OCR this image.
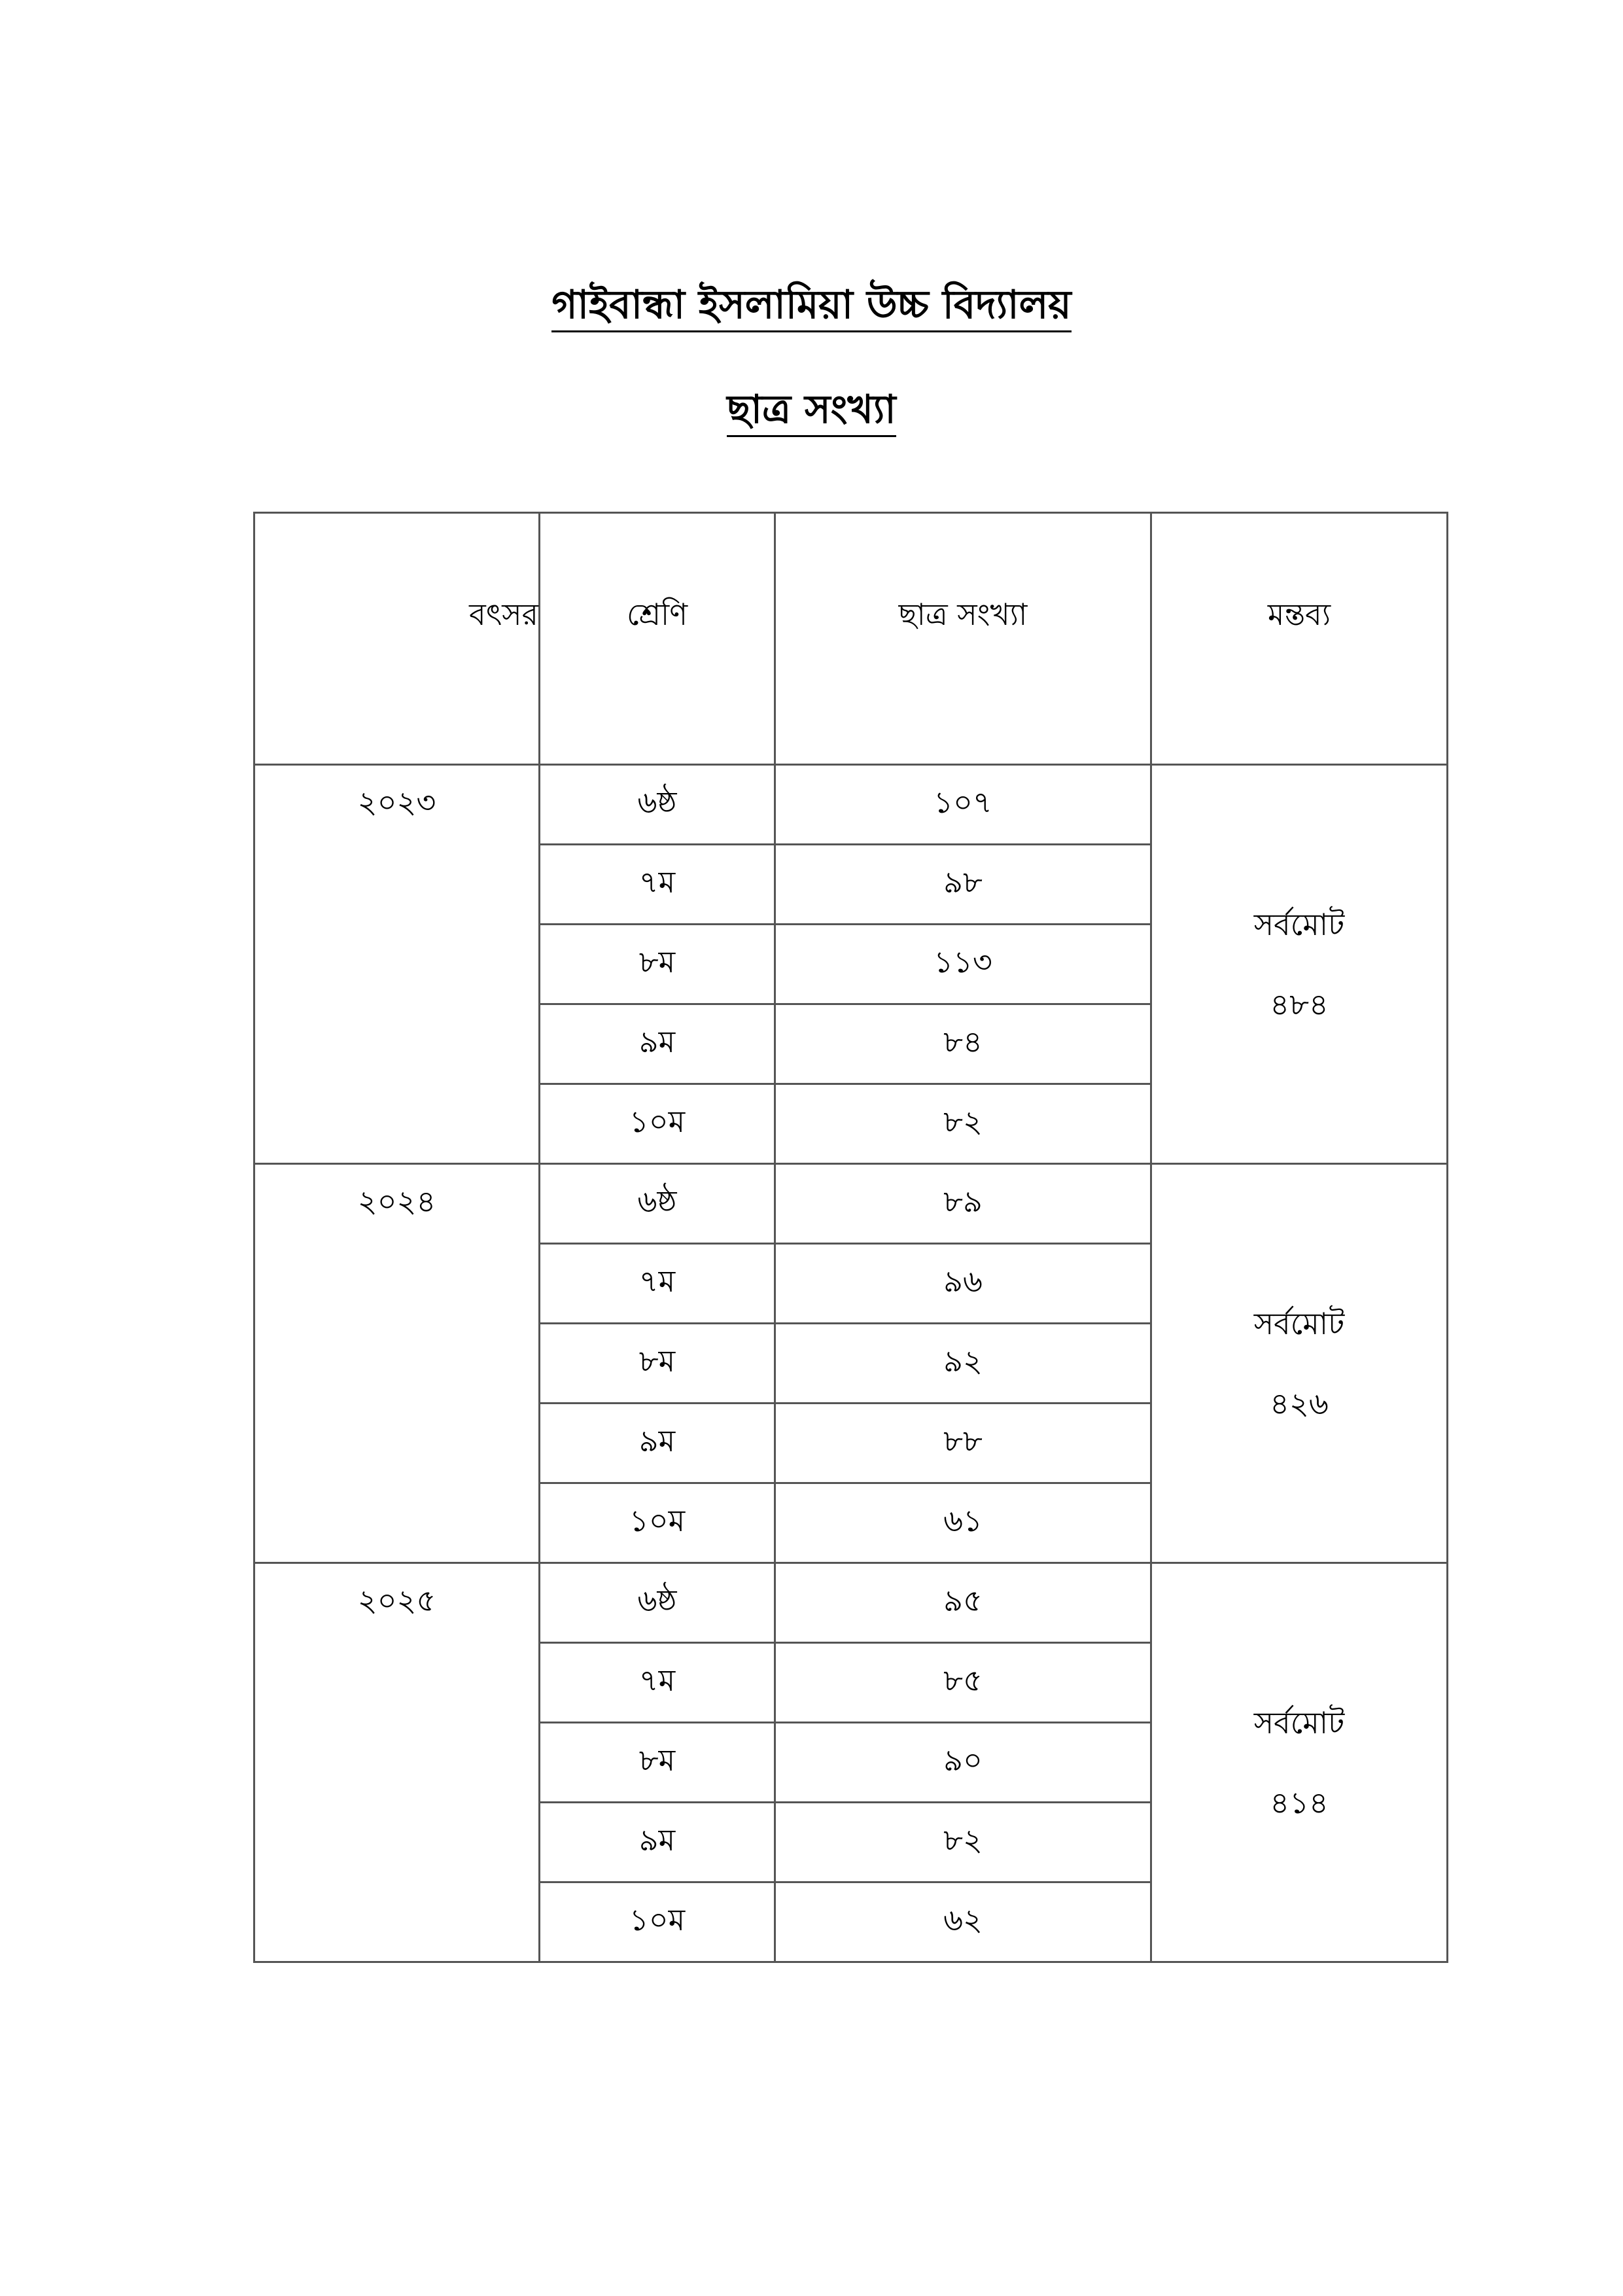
গাইবান্ধা ইসলামিয়া উচ্চ বিদ্যালয়
ছাত্র সংখ্যা
বৎসর	শ্রেণি	ছাত্র সংখ্যা	মন্তব্য
২০২৩	৬ষ্ঠ	১০৭	সর্বমোট
৪৮৪

	৭ম	৯৮	
	৮ম	১১৩	
	৯ম	৮৪	
	১০ম	৮২	
২০২৪	৬ষ্ঠ	৮৯	সর্বমোট
৪২৬

	৭ম	৯৬	
	৮ম	৯২	
	৯ম	৮৮	
	১০ম	৬১	
২০২৫	৬ষ্ঠ	৯৫	সর্বমোট
৪১৪

	৭ম	৮৫	
	৮ম	৯০	
	৯ম	৮২	
	১০ম	৬২	
